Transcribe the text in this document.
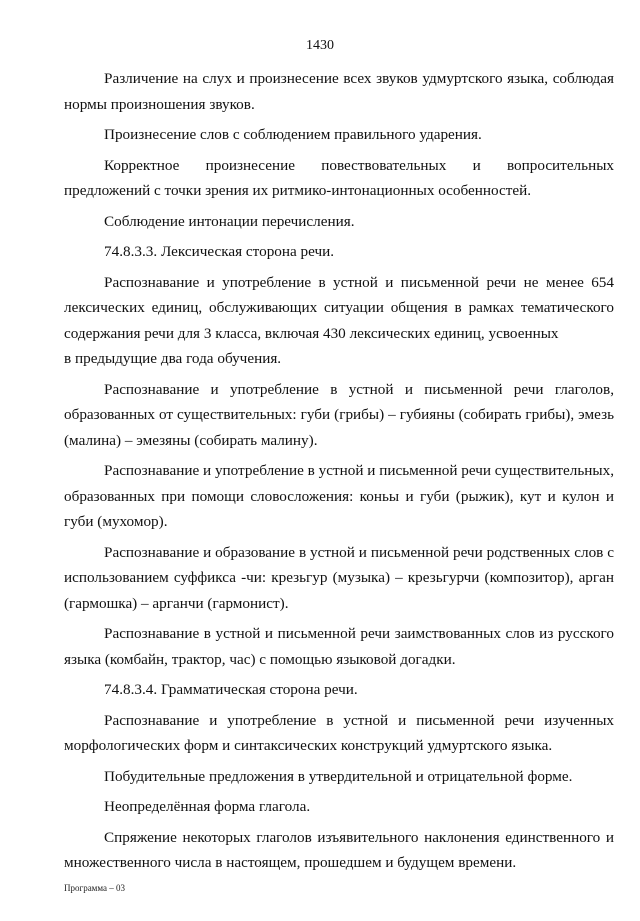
1430

Различение на слух и произнесение всех звуков удмуртского языка, соблюдая нормы произношения звуков.

Произнесение слов с соблюдением правильного ударения.

Корректное произнесение повествовательных и вопросительных предложений с точки зрения их ритмико-интонационных особенностей.

Соблюдение интонации перечисления.

74.8.3.3. Лексическая сторона речи.

Распознавание и употребление в устной и письменной речи не менее 654 лексических единиц, обслуживающих ситуации общения в рамках тематического содержания речи для 3 класса, включая 430 лексических единиц, усвоенных

в предыдущие два года обучения.

Распознавание и употребление в устной и письменной речи глаголов, образованных от существительных: губи (грибы) – губияны (собирать грибы), эмезь (малина) – эмезяны (собирать малину).

Распознавание и употребление в устной и письменной речи существительных, образованных при помощи словосложения: коньы и губи (рыжик), кут и кулон и губи (мухомор).

Распознавание и образование в устной и письменной речи родственных слов с использованием суффикса -чи: крезьгур (музыка) – крезьгурчи (композитор), арган (гармошка) – арганчи (гармонист).

Распознавание в устной и письменной речи заимствованных слов из русского языка (комбайн, трактор, час) с помощью языковой догадки.

74.8.3.4. Грамматическая сторона речи.

Распознавание и употребление в устной и письменной речи изученных морфологических форм и синтаксических конструкций удмуртского языка.

Побудительные предложения в утвердительной и отрицательной форме.

Неопределённая форма глагола.

Спряжение некоторых глаголов изъявительного наклонения единственного и множественного числа в настоящем, прошедшем и будущем времени.

Программа – 03
